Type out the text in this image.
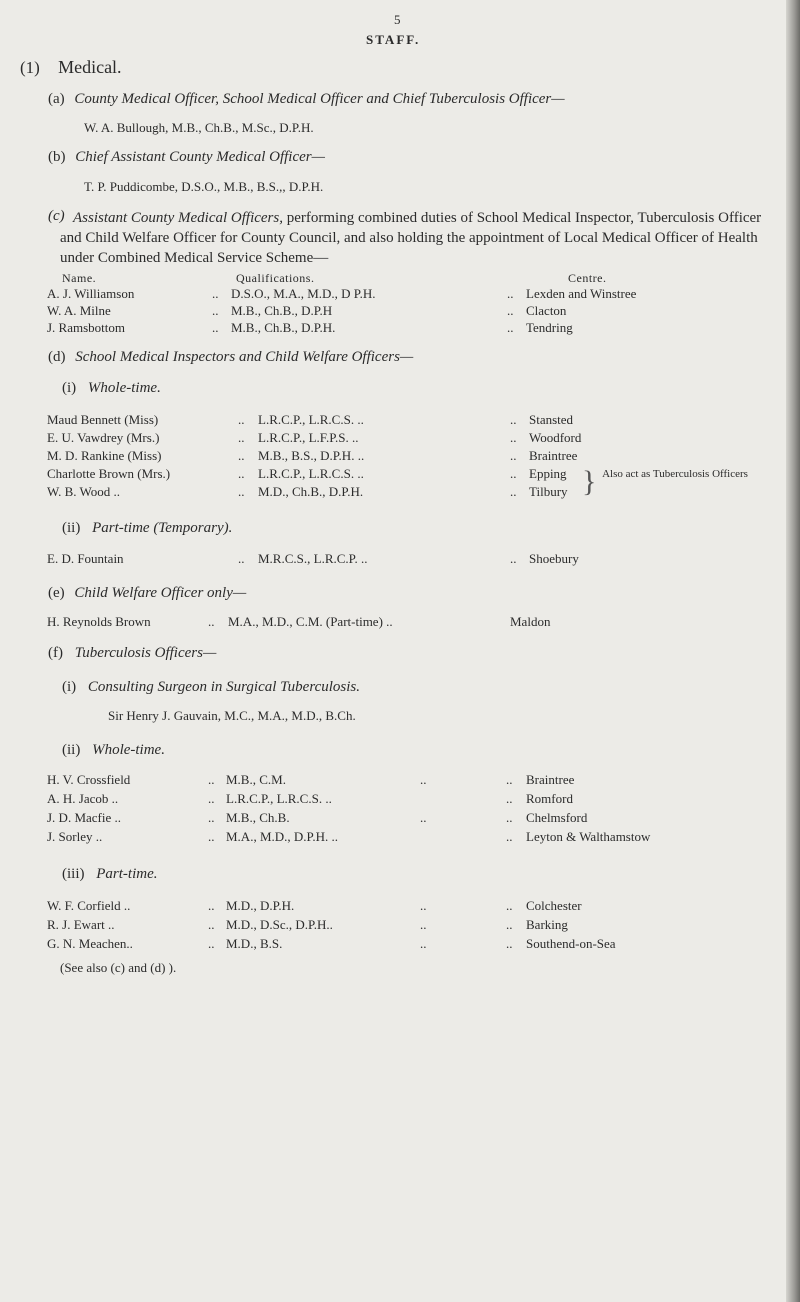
5
STAFF.
(1) Medical.
(a) County Medical Officer, School Medical Officer and Chief Tuberculosis Officer—
W. A. Bullough, M.B., Ch.B., M.Sc., D.P.H.
(b) Chief Assistant County Medical Officer—
T. P. Puddicombe, D.S.O., M.B., B.S.,, D.P.H.
(c) Assistant County Medical Officers, performing combined duties of School Medical Inspector, Tuberculosis Officer and Child Welfare Officer for County Council, and also holding the appointment of Local Medical Officer of Health under Combined Medical Service Scheme—
Name.	Qualifications.	Centre.
A. J. Williamson	.. D.S.O., M.A., M.D., D P.H.	.. Lexden and Winstree
W. A. Milne	.. M.B., Ch.B., D.P.H	.. Clacton
J. Ramsbottom	.. M.B., Ch.B., D.P.H.	.. Tendring
(d) School Medical Inspectors and Child Welfare Officers—
(i) Whole-time.
Maud Bennett (Miss)	.. L.R.C.P., L.R.C.S. ..	.. Stansted
E. U. Vawdrey (Mrs.)	.. L.R.C.P., L.F.P.S. ..	.. Woodford
M. D. Rankine (Miss)	.. M.B., B.S., D.P.H. ..	.. Braintree
Charlotte Brown (Mrs.)	.. L.R.C.P., L.R.C.S. ..	.. Epping
W. B. Wood ..	.. M.D., Ch.B., D.P.H.	.. Tilbury } Also act as Tuberculosis Officers
(ii) Part-time (Temporary).
E. D. Fountain	.. M.R.C.S., L.R.C.P. ..	.. Shoebury
(e) Child Welfare Officer only—
H. Reynolds Brown	.. M.A., M.D., C.M. (Part-time) ..	Maldon
(f) Tuberculosis Officers—
(i) Consulting Surgeon in Surgical Tuberculosis.
Sir Henry J. Gauvain, M.C., M.A., M.D., B.Ch.
(ii) Whole-time.
H. V. Crossfield	.. M.B., C.M.	..	.. Braintree
A. H. Jacob ..	.. L.R.C.P., L.R.C.S. ..	.. Romford
J. D. Macfie ..	.. M.B., Ch.B.	..	.. Chelmsford
J. Sorley ..	.. M.A., M.D., D.P.H. ..	.. Leyton & Walthamstow
(iii) Part-time.
W. F. Corfield ..	.. M.D., D.P.H.	..	.. Colchester
R. J. Ewart ..	.. M.D., D.Sc., D.P.H..	..	.. Barking
G. N. Meachen..	.. M.D., B.S.	..	.. Southend-on-Sea
(See also (c) and (d) ).
